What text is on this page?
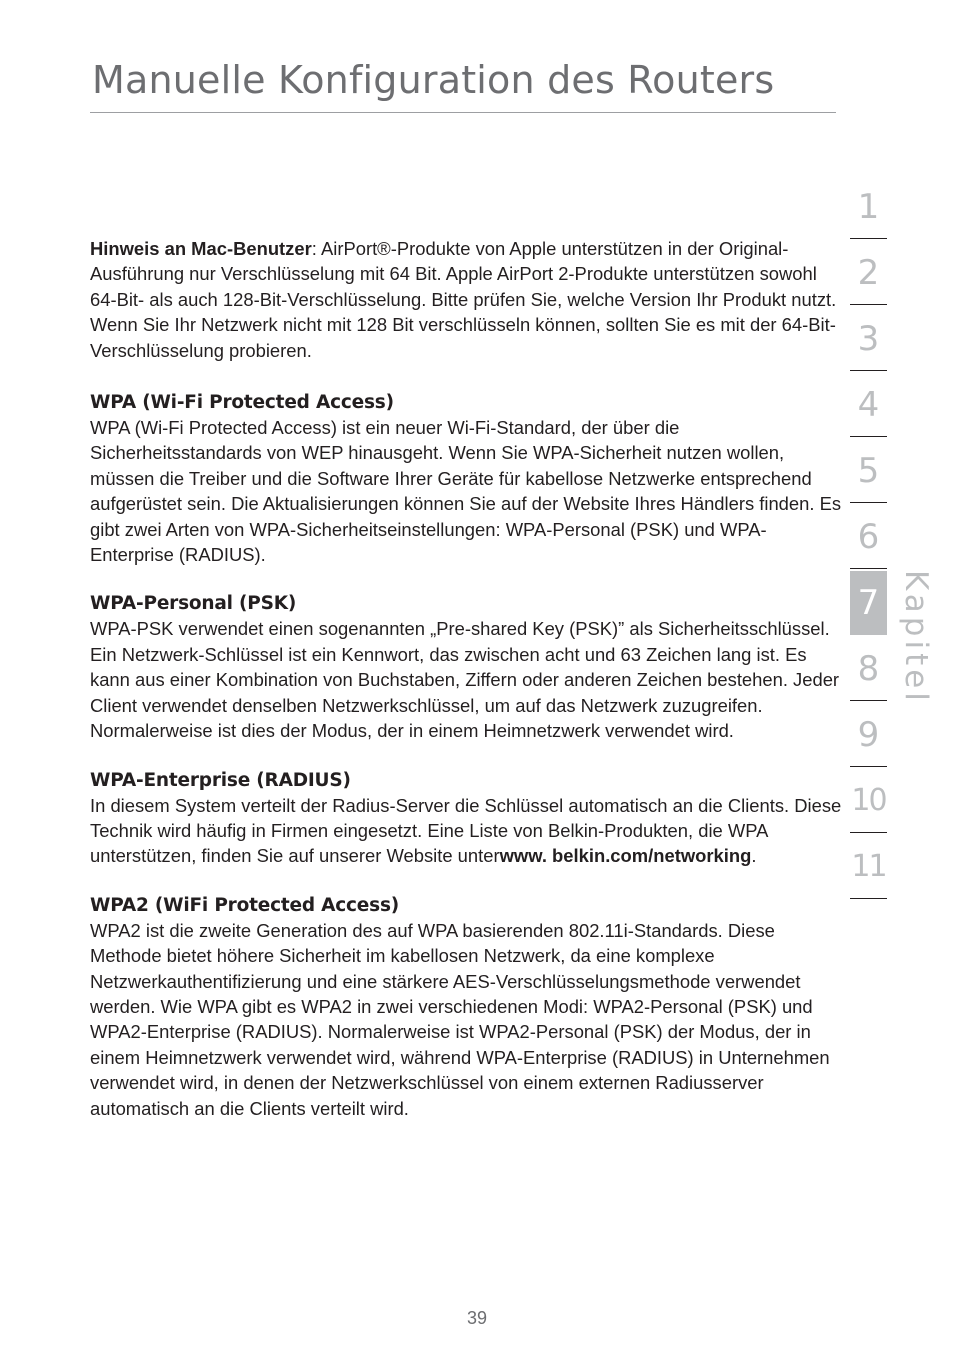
Manuelle Konfiguration des Routers

Hinweis an Mac-Benutzer: AirPort®-Produkte von Apple unterstützen in der Original-Ausführung nur Verschlüsselung mit 64 Bit. Apple AirPort 2-Produkte unterstützen sowohl 64-Bit- als auch 128-Bit-Verschlüsselung. Bitte prüfen Sie, welche Version Ihr Produkt nutzt. Wenn Sie Ihr Netzwerk nicht mit 128 Bit verschlüsseln können, sollten Sie es mit der 64-Bit-Verschlüsselung probieren.

WPA (Wi-Fi Protected Access)

WPA (Wi-Fi Protected Access) ist ein neuer Wi-Fi-Standard, der über die Sicherheitsstandards von WEP hinausgeht. Wenn Sie WPA-Sicherheit nutzen wollen, müssen die Treiber und die Software Ihrer Geräte für kabellose Netzwerke entsprechend aufgerüstet sein. Die Aktualisierungen können Sie auf der Website Ihres Händlers finden. Es gibt zwei Arten von WPA-Sicherheitseinstellungen: WPA-Personal (PSK) und WPA-Enterprise (RADIUS).

WPA-Personal (PSK)

WPA-PSK verwendet einen sogenannten „Pre-shared Key (PSK)” als Sicherheitsschlüssel. Ein Netzwerk-Schlüssel ist ein Kennwort, das zwischen acht und 63 Zeichen lang ist. Es kann aus einer Kombination von Buchstaben, Ziffern oder anderen Zeichen bestehen. Jeder Client verwendet denselben Netzwerkschlüssel, um auf das Netzwerk zuzugreifen. Normalerweise ist dies der Modus, der in einem Heimnetzwerk verwendet wird.

WPA-Enterprise (RADIUS)

In diesem System verteilt der Radius-Server die Schlüssel automatisch an die Clients. Diese Technik wird häufig in Firmen eingesetzt. Eine Liste von Belkin-Produkten, die WPA unterstützen, finden Sie auf unserer Website unterwww. belkin.com/networking.

WPA2 (WiFi Protected Access)

WPA2 ist die zweite Generation des auf WPA basierenden 802.11i-Standards. Diese Methode bietet höhere Sicherheit im kabellosen Netzwerk, da eine komplexe Netzwerkauthentifizierung und eine stärkere AES-Verschlüsselungsmethode verwendet werden. Wie WPA gibt es WPA2 in zwei verschiedenen Modi: WPA2-Personal (PSK) und WPA2-Enterprise (RADIUS). Normalerweise ist WPA2-Personal (PSK) der Modus, der in einem Heimnetzwerk verwendet wird, während WPA-Enterprise (RADIUS) in Unternehmen verwendet wird, in denen der Netzwerkschlüssel von einem externen Radiusserver automatisch an die Clients verteilt wird.

1
2
3
4
5
6
7
8
9
10
11
Kapitel
39
